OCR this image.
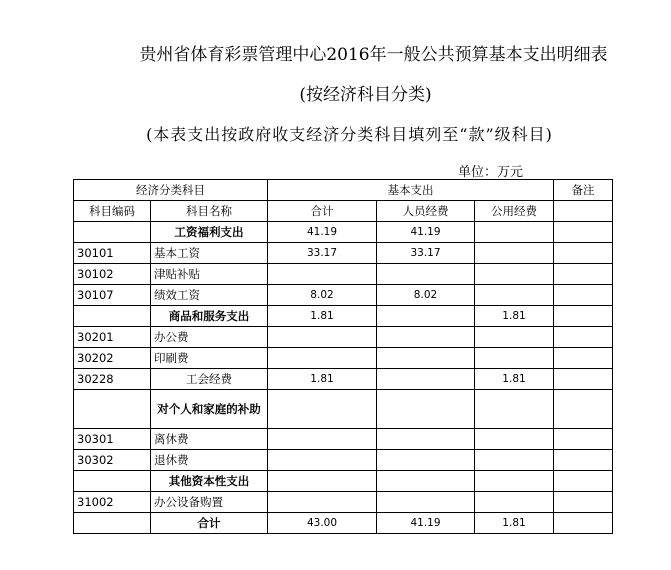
贵州省体育彩票管理中心2016年一般公共预算基本支出明细表
(按经济科目分类)
(本表支出按政府收支经济分类科目填列至“款”级科目)
单位：万元
经济分类科目		基本支出			备注
科目编码	科目名称	合计	人员经费	公用经费	
	工资福利支出	41.19	41.19		
30101	基本工资	33.17	33.17		
30102	津贴补贴				
30107	绩效工资	8.02	8.02		
	商品和服务支出	1.81		1.81	
30201	办公费				
30202	印刷费				
30228	工会经费	1.81		1.81	
	对个人和家庭的补助				
30301	离休费				
30302	退休费				
	其他资本性支出				
31002	办公设备购置				
	合计	43.00	41.19	1.81	
